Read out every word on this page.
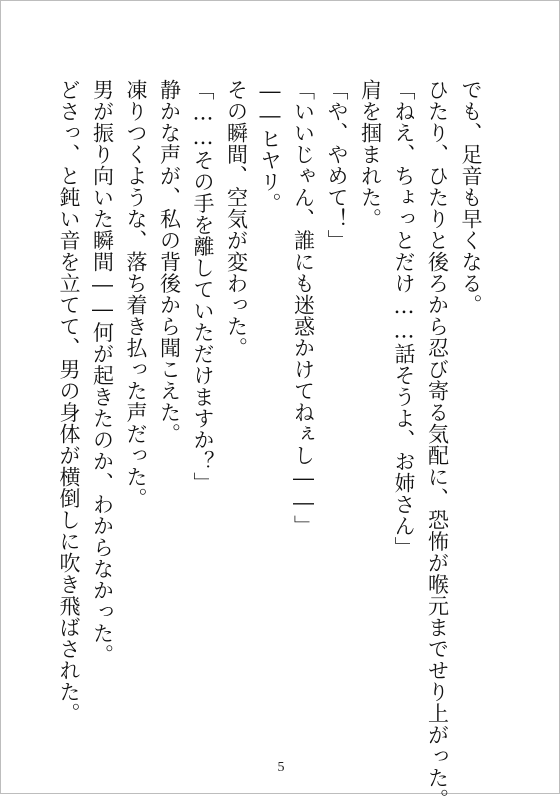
でも、足音も早くなる。

ひたり、ひたりと後ろから忍び寄る気配に、恐怖が喉元までせり上がった。

「ねえ、ちょっとだけ……話そうよ、お姉さん」

肩を掴まれた。

「や、やめて！」

「いいじゃん、誰にも迷惑かけてねぇし――」

――ヒヤリ。

その瞬間、空気が変わった。

「……その手を離していただけますか？」

静かな声が、私の背後から聞こえた。

凍りつくような、落ち着き払った声だった。

男が振り向いた瞬間――何が起きたのか、わからなかった。

どさっ、と鈍い音を立てて、男の身体が横倒しに吹き飛ばされた。

5
